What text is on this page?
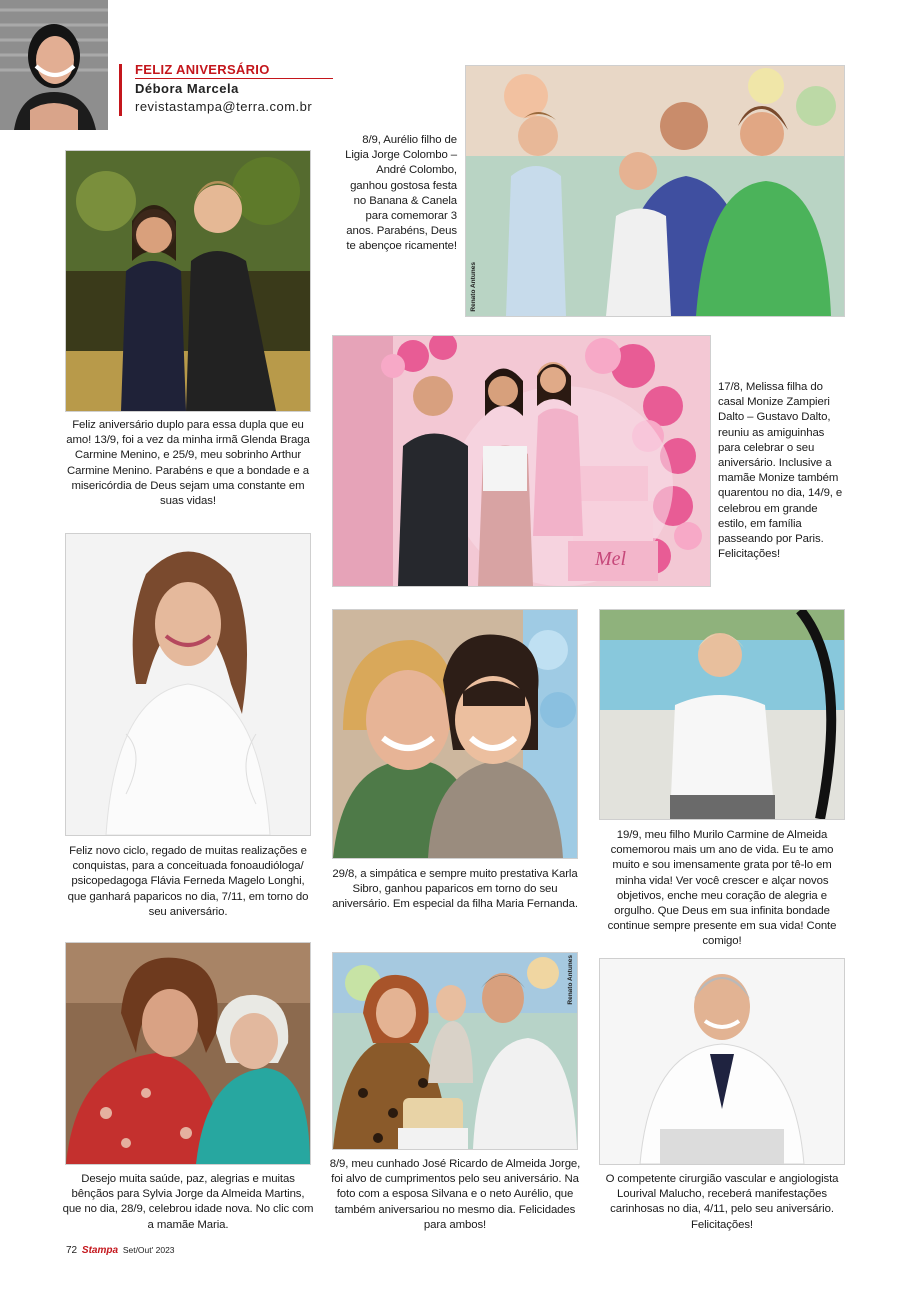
FELIZ ANIVERSÁRIO
Débora Marcela
revistastampa@terra.com.br
Renato Antunes
8/9, Aurélio filho de Ligia Jorge Colombo – André Colombo, ganhou gostosa festa no Banana & Canela para comemorar 3 anos. Parabéns, Deus te abençoe ricamente!
Feliz aniversário duplo para essa dupla que eu amo! 13/9, foi a vez da minha irmã Glenda Braga Carmine Menino, e 25/9, meu sobrinho Arthur Carmine Menino. Parabéns e que a bondade e a misericórdia de Deus sejam uma constante em suas vidas!
Mel
17/8, Melissa filha do casal Monize Zampieri Dalto – Gustavo Dalto, reuniu as amiguinhas para celebrar o seu aniversário. Inclusive a mamãe Monize também quarentou no dia, 14/9, e celebrou em grande estilo, em família passeando por Paris. Felicitações!
Feliz novo ciclo, regado de muitas realizações e conquistas, para a conceituada fonoaudióloga/ psicopedagoga Flávia Ferneda Magelo Longhi, que ganhará paparicos no dia, 7/11, em torno do seu aniversário.
29/8, a simpática e sempre muito prestativa Karla Sibro, ganhou paparicos em torno do seu aniversário. Em especial da filha Maria Fernanda.
19/9, meu filho Murilo Carmine de Almeida comemorou mais um ano de vida. Eu te amo muito e sou imensamente grata por tê-lo em minha vida! Ver você crescer e alçar novos objetivos, enche meu coração de alegria e orgulho. Que Deus em sua infinita bondade continue sempre presente em sua vida! Conte comigo!
Desejo muita saúde, paz, alegrias e muitas bênçãos para Sylvia Jorge da Almeida Martins, que no dia, 28/9, celebrou idade nova. No clic com a mamãe Maria.
Renato Antunes
8/9, meu cunhado José Ricardo de Almeida Jorge, foi alvo de cumprimentos pelo seu aniversário. Na foto com a esposa Silvana e o neto Aurélio, que também aniversariou no mesmo dia. Felicidades para ambos!
O competente cirurgião vascular e angiologista Lourival Malucho, receberá manifestações carinhosas no dia, 4/11, pelo seu aniversário. Felicitações!
72 Stampa Set/Out' 2023
